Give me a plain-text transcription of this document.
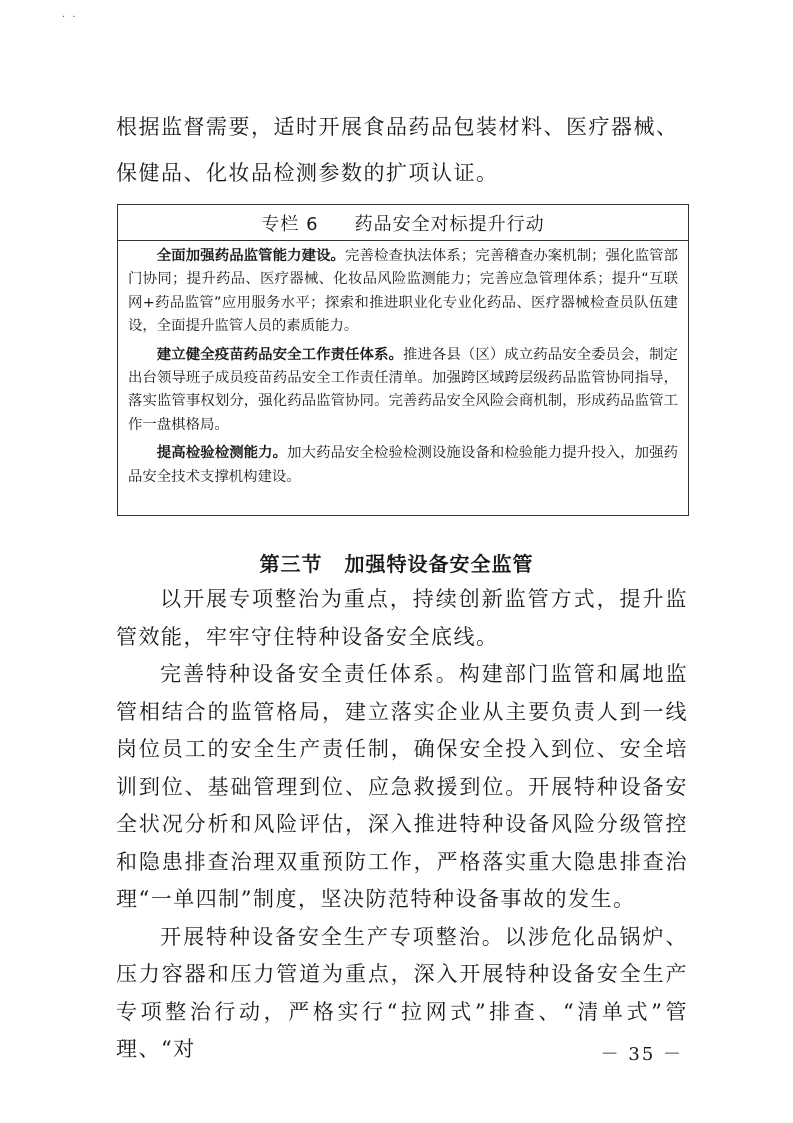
· ·

根据监督需要，适时开展食品药品包装材料、医疗器械、保健品、化妆品检测参数的扩项认证。

专栏 6 药品安全对标提升行动

全面加强药品监管能力建设。完善检查执法体系；完善稽查办案机制；强化监管部门协同；提升药品、医疗器械、化妆品风险监测能力；完善应急管理体系；提升“互联网+药品监管”应用服务水平；探索和推进职业化专业化药品、医疗器械检查员队伍建设，全面提升监管人员的素质能力。

建立健全疫苗药品安全工作责任体系。推进各县（区）成立药品安全委员会，制定出台领导班子成员疫苗药品安全工作责任清单。加强跨区域跨层级药品监管协同指导，落实监管事权划分，强化药品监管协同。完善药品安全风险会商机制，形成药品监管工作一盘棋格局。

提高检验检测能力。加大药品安全检验检测设施设备和检验能力提升投入，加强药品安全技术支撑机构建设。

第三节 加强特设备安全监管

以开展专项整治为重点，持续创新监管方式，提升监管效能，牢牢守住特种设备安全底线。

完善特种设备安全责任体系。构建部门监管和属地监管相结合的监管格局，建立落实企业从主要负责人到一线岗位员工的安全生产责任制，确保安全投入到位、安全培训到位、基础管理到位、应急救援到位。开展特种设备安全状况分析和风险评估，深入推进特种设备风险分级管控和隐患排查治理双重预防工作，严格落实重大隐患排查治理“一单四制”制度，坚决防范特种设备事故的发生。

开展特种设备安全生产专项整治。以涉危化品锅炉、压力容器和压力管道为重点，深入开展特种设备安全生产专项整治行动，严格实行“拉网式”排查、“清单式”管理、“对	－ 35 －
